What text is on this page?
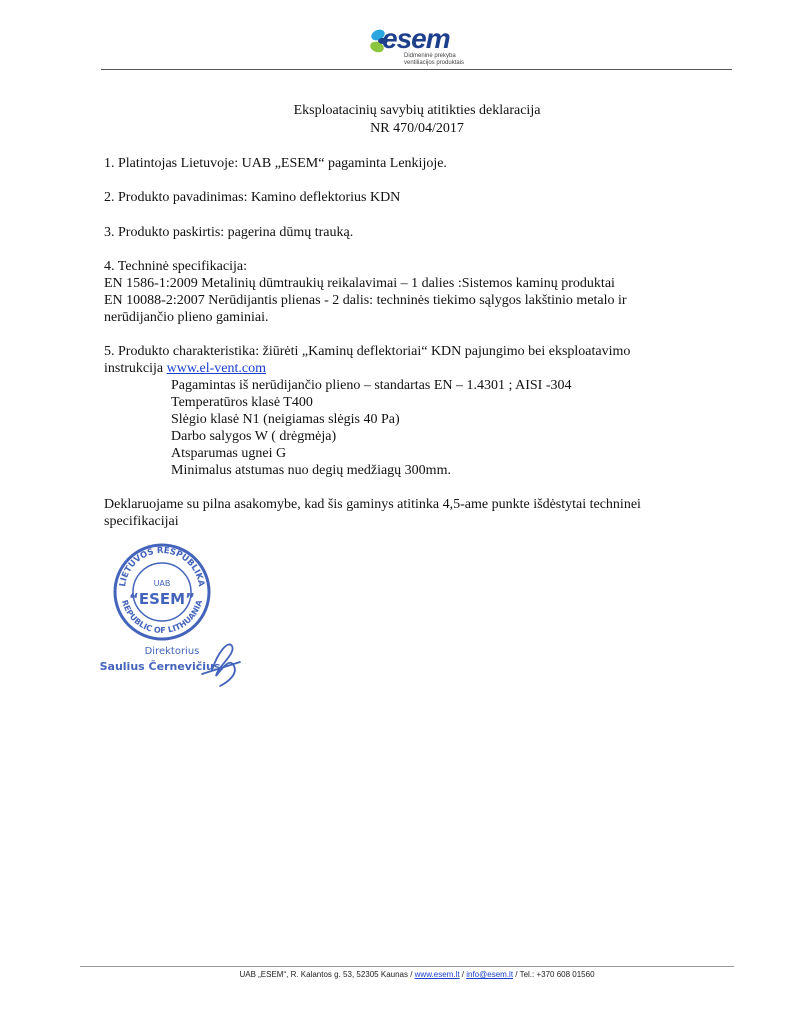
esem
Didmeninė prekyba
ventiliacijos produktais
Eksploatacinių savybių atitikties deklaracija
NR 470/04/2017
1. Platintojas Lietuvoje: UAB „ESEM“ pagaminta Lenkijoje.
2. Produkto pavadinimas: Kamino deflektorius KDN
3. Produkto paskirtis: pagerina dūmų trauką.
4. Techninė specifikacija:
EN 1586-1:2009 Metalinių dūmtraukių reikalavimai – 1 dalies :Sistemos kaminų produktai
EN 10088-2:2007 Nerūdijantis plienas - 2 dalis: techninės tiekimo sąlygos lakštinio metalo ir
nerūdijančio plieno gaminiai.
5. Produkto charakteristika: žiūrėti „Kaminų deflektoriai“ KDN pajungimo bei eksploatavimo
instrukcija www.el-vent.com
Pagamintas iš nerūdijančio plieno – standartas EN – 1.4301 ; AISI -304
Temperatūros klasė T400
Slėgio klasė N1 (neigiamas slėgis 40 Pa)
Darbo salygos W ( drėgmėja)
Atsparumas ugnei G
Minimalus atstumas nuo degių medžiagų 300mm.
Deklaruojame su pilna asakomybe, kad šis gaminys atitinka 4,5-ame punkte išdėstytai techninei
specifikacijai
LIETUVOS RESPUBLIKA
REPUBLIC OF LITHUANIA
UAB
“ESEM”
Direktorius
Saulius Černevičius
UAB „ESEM“, R. Kalantos g. 53, 52305 Kaunas / www.esem.lt / info@esem.lt / Tel.: +370 608 01560
